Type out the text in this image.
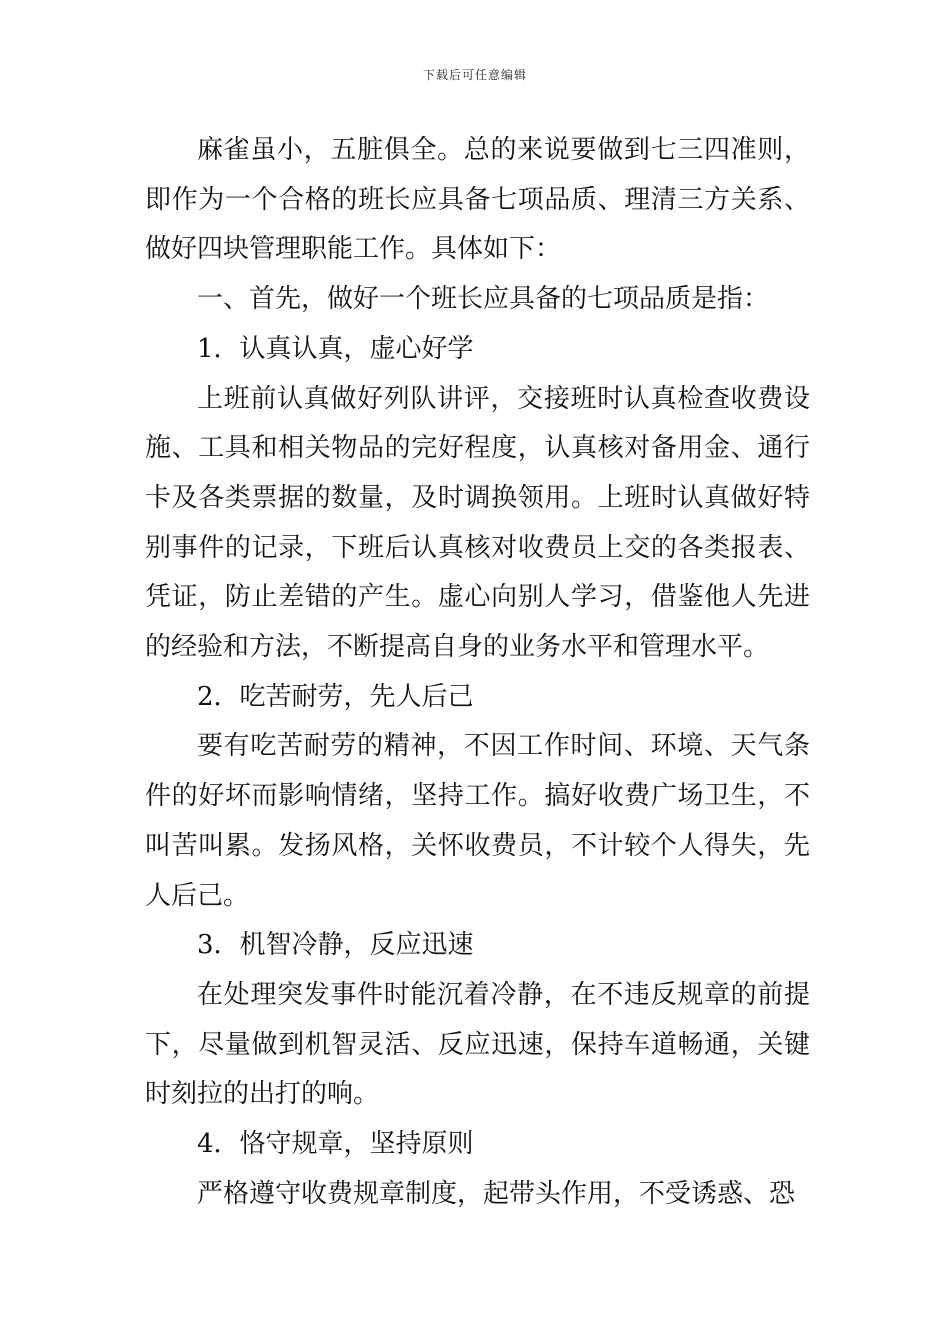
下载后可任意编辑

麻雀虽小，五脏俱全。总的来说要做到七三四准则，即作为一个合格的班长应具备七项品质、理清三方关系、做好四块管理职能工作。具体如下：

一、首先，做好一个班长应具备的七项品质是指：

1．认真认真，虚心好学

上班前认真做好列队讲评，交接班时认真检查收费设施、工具和相关物品的完好程度，认真核对备用金、通行卡及各类票据的数量，及时调换领用。上班时认真做好特别事件的记录，下班后认真核对收费员上交的各类报表、凭证，防止差错的产生。虚心向别人学习，借鉴他人先进的经验和方法，不断提高自身的业务水平和管理水平。

2．吃苦耐劳，先人后己

要有吃苦耐劳的精神，不因工作时间、环境、天气条件的好坏而影响情绪，坚持工作。搞好收费广场卫生，不叫苦叫累。发扬风格，关怀收费员，不计较个人得失，先人后己。

3．机智冷静，反应迅速

在处理突发事件时能沉着冷静，在不违反规章的前提下，尽量做到机智灵活、反应迅速，保持车道畅通，关键时刻拉的出打的响。

4．恪守规章，坚持原则

严格遵守收费规章制度，起带头作用，不受诱惑、恐
